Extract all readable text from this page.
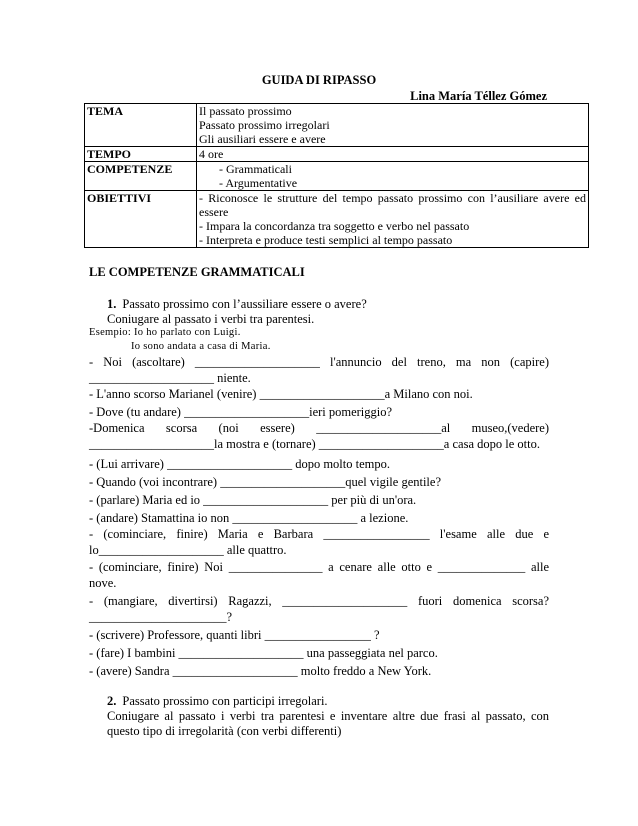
GUIDA DI RIPASSO
Lina María Téllez Gómez
TEMA	Il passato prossimo
Passato prossimo irregolari
Gli ausiliari essere e avere

TEMPO	4 ore
COMPETENZE	- Grammaticali
- Argumentative

OBIETTIVI	- Riconosce le strutture del tempo passato prossimo con l’ausiliare avere ed essere
- Impara la concordanza tra soggetto e verbo nel passato
- Interpreta e produce testi semplici al tempo passato
LE COMPETENZE GRAMMATICALI
1. Passato prossimo con l’aussiliare essere o avere?
Coniugare al passato i verbi tra parentesi.
Esempio: Io ho parlato con Luigi.
Io sono andata a casa di Maria.
- Noi (ascoltare) ____________________ l'annuncio del treno, ma non (capire) ____________________ niente.
- L'anno scorso Marianel (venire) ____________________a Milano con noi.
- Dove (tu andare) ____________________ieri pomeriggio?
-Domenica scorsa (noi essere) ____________________al museo,(vedere) ____________________la mostra e (tornare) ____________________a casa dopo le otto.
- (Lui arrivare) ____________________ dopo molto tempo.
- Quando (voi incontrare) ____________________quel vigile gentile?
- (parlare) Maria ed io ____________________ per più di un'ora.
- (andare) Stamattina io non ____________________ a lezione.
- (cominciare, finire) Maria e Barbara _________________ l'esame alle due e lo____________________ alle quattro.
- (cominciare, finire) Noi _______________ a cenare alle otto e ______________ alle nove.
- (mangiare, divertirsi) Ragazzi, ____________________ fuori domenica scorsa?______________________?
- (scrivere) Professore, quanti libri _________________ ?
- (fare) I bambini ____________________ una passeggiata nel parco.
- (avere) Sandra ____________________ molto freddo a New York.
2. Passato prossimo con participi irregolari.
Coniugare al passato i verbi tra parentesi e inventare altre due frasi al passato, con questo tipo di irregolarità (con verbi differenti)
